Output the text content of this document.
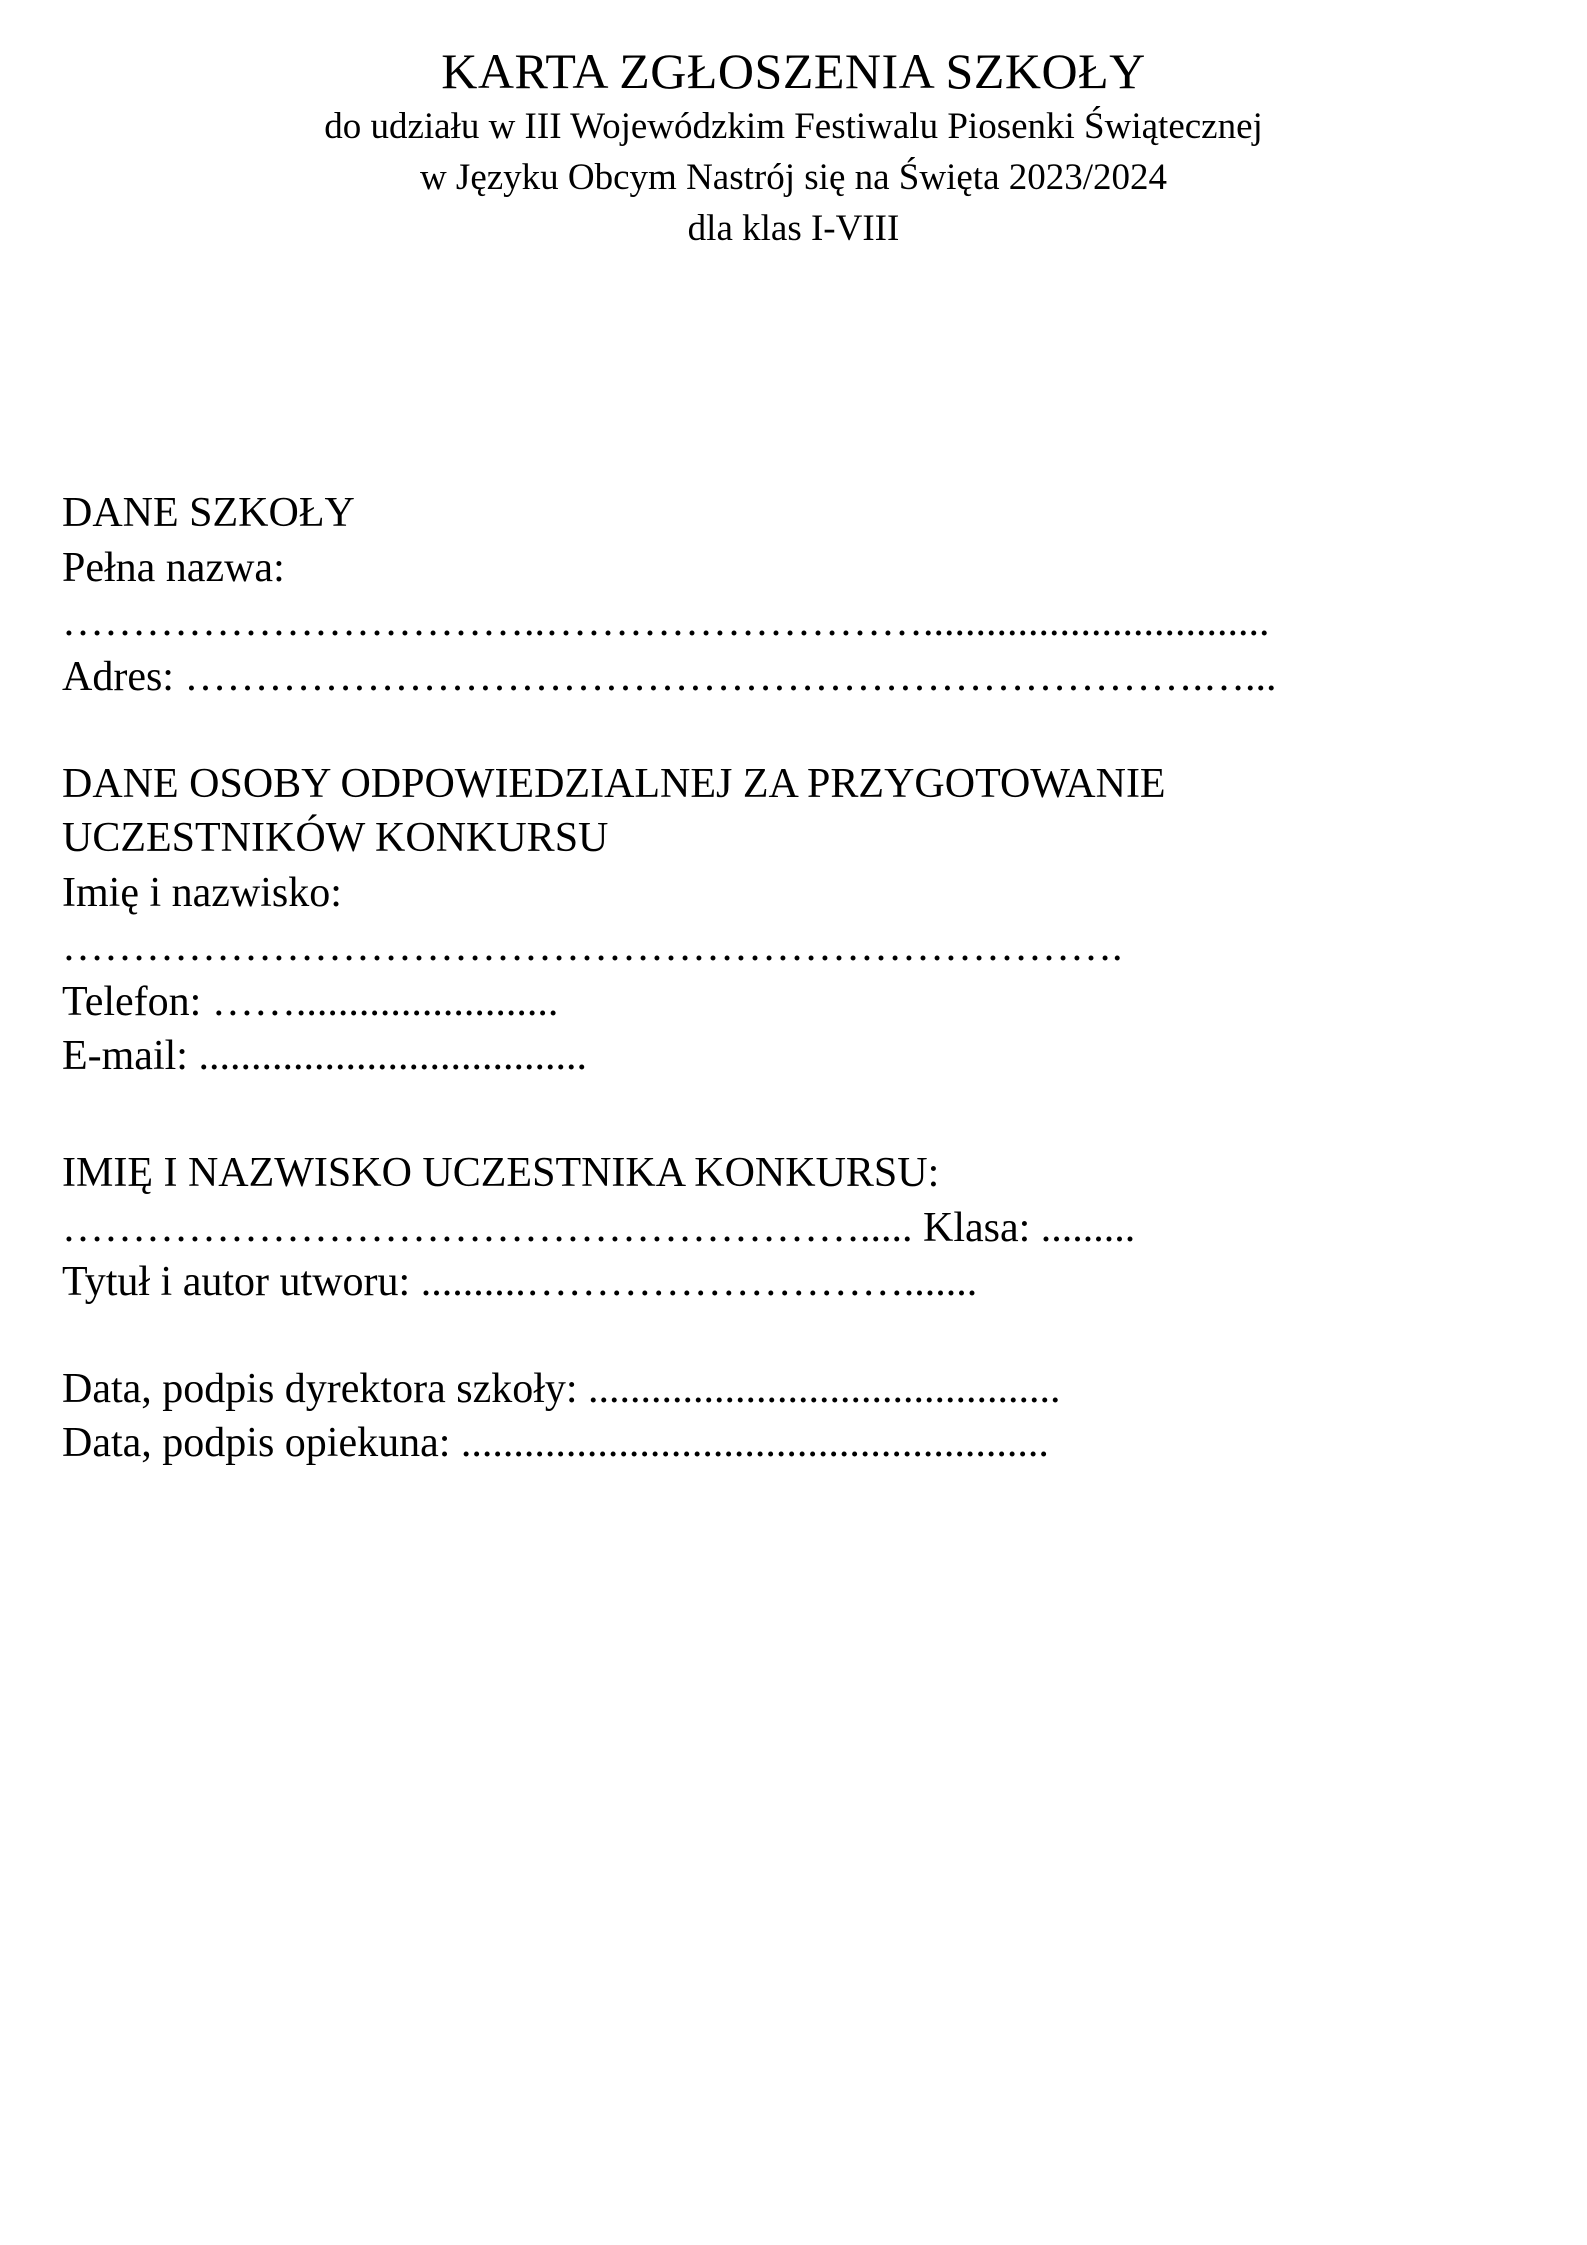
KARTA ZGŁOSZENIA SZKOŁY
do udziału w III Wojewódzkim Festiwalu Piosenki Świątecznej
w Języku Obcym Nastrój się na Święta 2023/2024
dla klas I-VIII
DANE SZKOŁY
Pełna nazwa:
……………………………..……………………….................................
Adres: ……………………………………………………………….…...
DANE OSOBY ODPOWIEDZIALNEJ ZA PRZYGOTOWANIE
UCZESTNIKÓW KONKURSU
Imię i nazwisko:
………………………………………………………………….
Telefon: …….........................
E-mail: .....................................
IMIĘ I NAZWISKO UCZESTNIKA KONKURSU:
…………………………………………………..... Klasa: .........
Tytuł i autor utworu: ..........……………………….......
Data, podpis dyrektora szkoły: .............................................
Data, podpis opiekuna: ........................................................
